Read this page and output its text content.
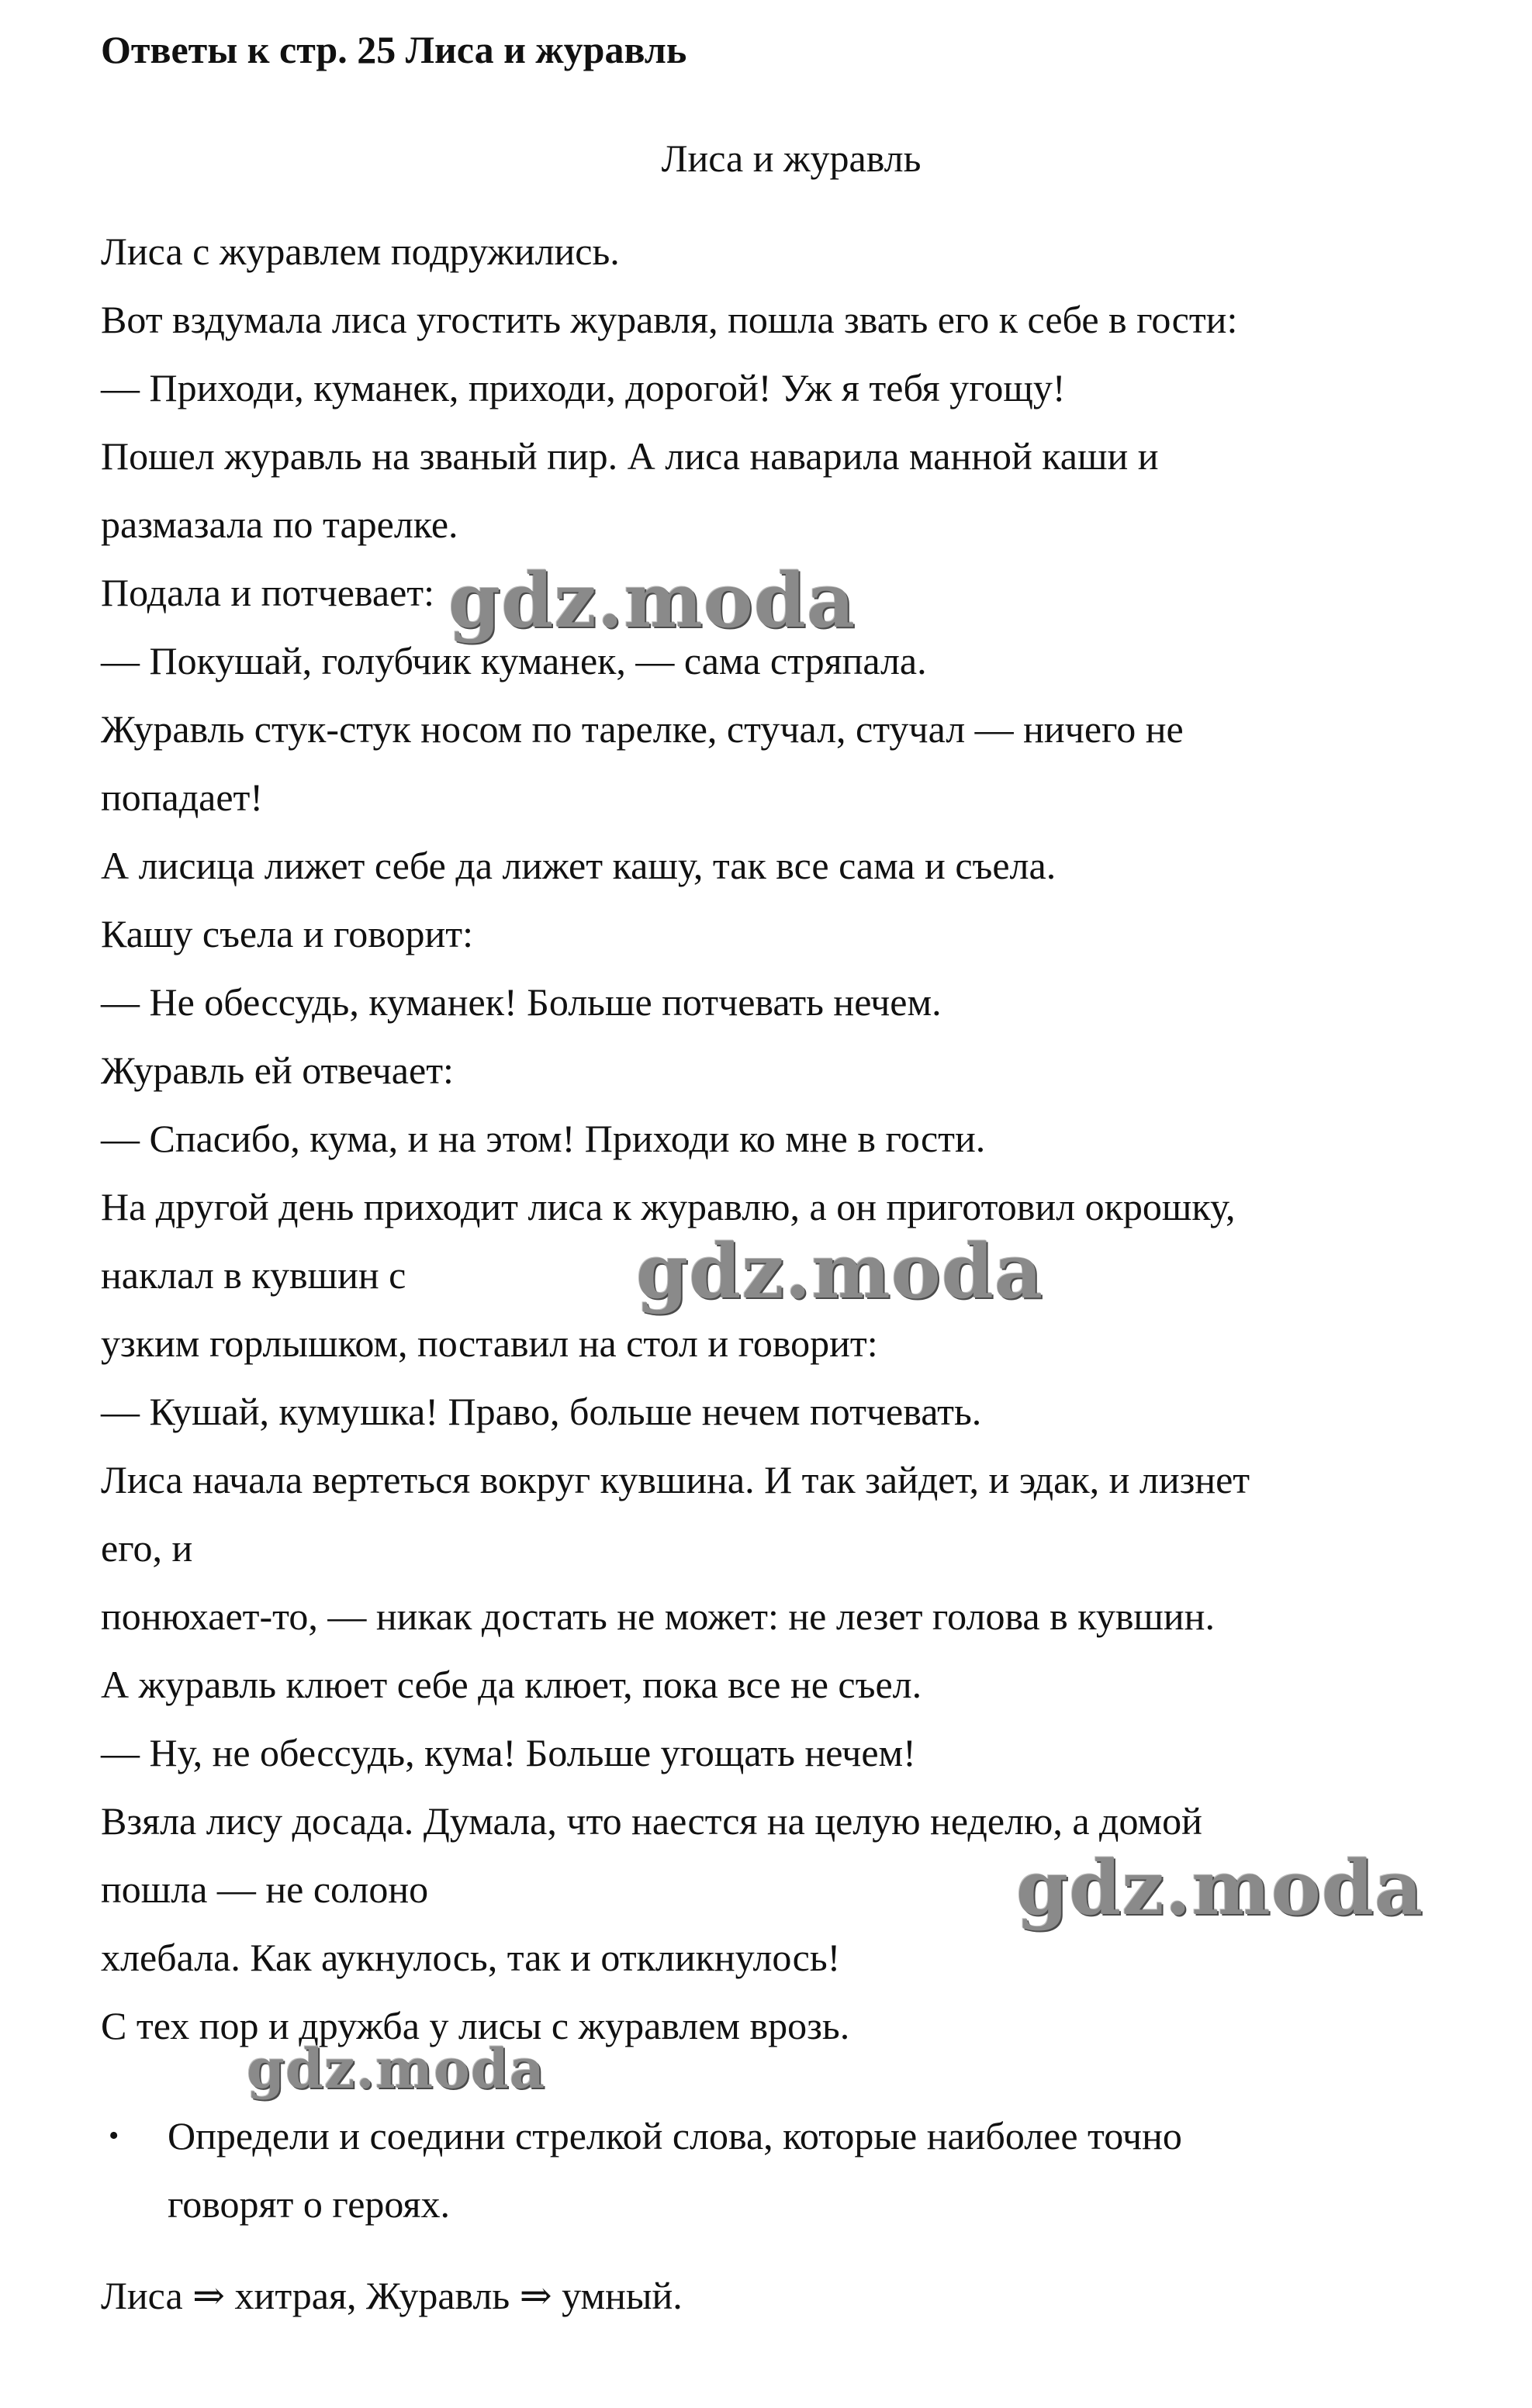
Ответы к стр. 25 Лиса и журавль
Лиса и журавль
Лиса с журавлем подружились.
Вот вздумала лиса угостить журавля, пошла звать его к себе в гости:
— Приходи, куманек, приходи, дорогой! Уж я тебя угощу!
Пошел журавль на званый пир. А лиса наварила манной каши и
размазала по тарелке.
Подала и потчевает:
— Покушай, голубчик куманек, — сама стряпала.
Журавль стук-стук носом по тарелке, стучал, стучал — ничего не
попадает!
А лисица лижет себе да лижет кашу, так все сама и съела.
Кашу съела и говорит:
— Не обессудь, куманек! Больше потчевать нечем.
Журавль ей отвечает:
— Спасибо, кума, и на этом! Приходи ко мне в гости.
На другой день приходит лиса к журавлю, а он приготовил окрошку,
наклал в кувшин с
узким горлышком, поставил на стол и говорит:
— Кушай, кумушка! Право, больше нечем потчевать.
Лиса начала вертеться вокруг кувшина. И так зайдет, и эдак, и лизнет
его, и
понюхает-то, — никак достать не может: не лезет голова в кувшин.
А журавль клюет себе да клюет, пока все не съел.
— Ну, не обессудь, кума! Больше угощать нечем!
Взяла лису досада. Думала, что наестся на целую неделю, а домой
пошла — не солоно
хлебала. Как аукнулось, так и откликнулось!
С тех пор и дружба у лисы с журавлем врозь.
• Определи и соедини стрелкой слова, которые наиболее точно
говорят о героях.
Лиса ⇒ хитрая, Журавль ⇒ умный.
gdz.moda
gdz.moda
gdz.moda
gdz.moda
